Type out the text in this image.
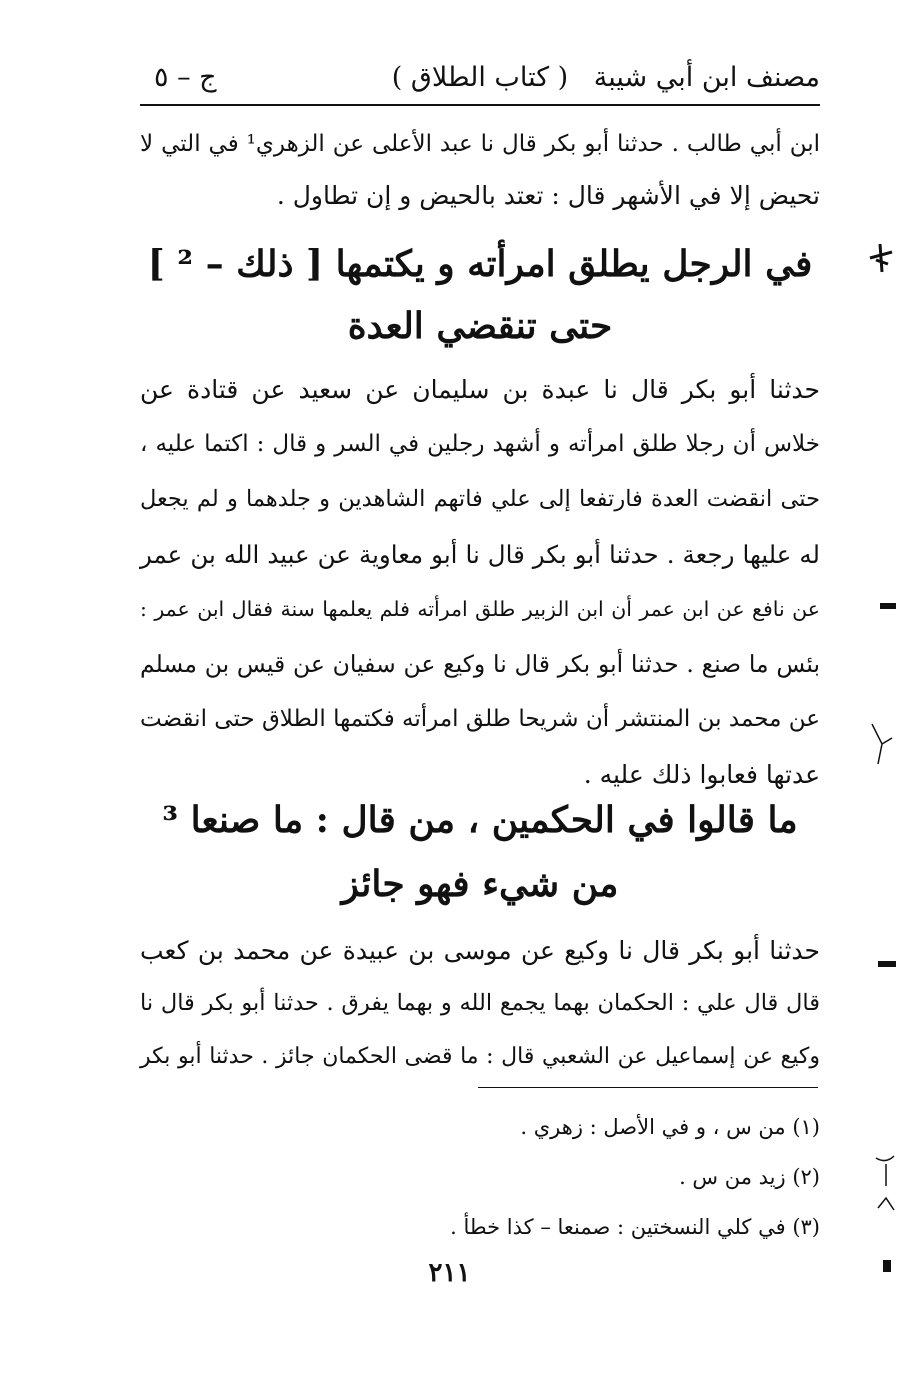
مصنف ابن أبي شيبة
( كتاب الطلاق )
ج – ٥
ابن أبي طالب . حدثنا أبو بكر قال نا عبد الأعلى عن الزهري¹ في التي لا
تحيض إلا في الأشهر قال : تعتد بالحيض و إن تطاول .
في الرجل يطلق امرأته و يكتمها [ ذلك – ² ]
حتى تنقضي العدة
حدثنا أبو بكر قال نا عبدة بن سليمان عن سعيد عن قتادة عن
خلاس أن رجلا طلق امرأته و أشهد رجلين في السر و قال : اكتما عليه ،
حتى انقضت العدة فارتفعا إلى علي فاتهم الشاهدين و جلدهما و لم يجعل
له عليها رجعة . حدثنا أبو بكر قال نا أبو معاوية عن عبيد الله بن عمر
عن نافع عن ابن عمر أن ابن الزبير طلق امرأته فلم يعلمها سنة فقال ابن عمر :
بئس ما صنع . حدثنا أبو بكر قال نا وكيع عن سفيان عن قيس بن مسلم
عن محمد بن المنتشر أن شريحا طلق امرأته فكتمها الطلاق حتى انقضت
عدتها فعابوا ذلك عليه .
ما قالوا في الحكمين ، من قال : ما صنعا ³
من شيء فهو جائز
حدثنا أبو بكر قال نا وكيع عن موسى بن عبيدة عن محمد بن كعب
قال قال علي : الحكمان بهما يجمع الله و بهما يفرق . حدثنا أبو بكر قال نا
وكيع عن إسماعيل عن الشعبي قال : ما قضى الحكمان جائز . حدثنا أبو بكر
(١) من س ، و في الأصل : زهري .
(٢) زيد من س .
(٣) في كلي النسختين : صمنعا – كذا خطأ .
٢١١
